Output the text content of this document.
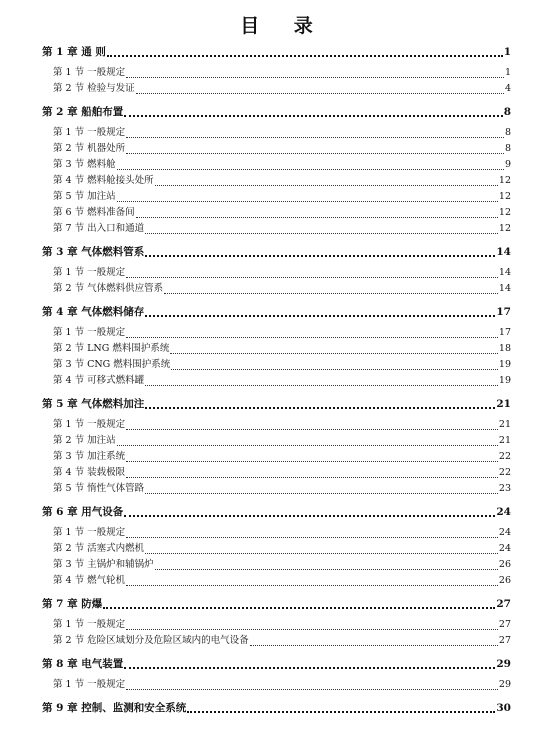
目 录
第 1 章 通 则	1
第 1 节 一般规定	1
第 2 节 检验与发证	4
第 2 章 船舶布置	8
第 1 节 一般规定	8
第 2 节 机器处所	8
第 3 节 燃料舱	9
第 4 节 燃料舱接头处所	12
第 5 节 加注站	12
第 6 节 燃料准备间	12
第 7 节 出入口和通道	12
第 3 章 气体燃料管系	14
第 1 节 一般规定	14
第 2 节 气体燃料供应管系	14
第 4 章 气体燃料储存	17
第 1 节 一般规定	17
第 2 节 LNG 燃料围护系统	18
第 3 节 CNG 燃料围护系统	19
第 4 节 可移式燃料罐	19
第 5 章 气体燃料加注	21
第 1 节 一般规定	21
第 2 节 加注站	21
第 3 节 加注系统	22
第 4 节 装载极限	22
第 5 节 惰性气体管路	23
第 6 章 用气设备	24
第 1 节 一般规定	24
第 2 节 活塞式内燃机	24
第 3 节 主锅炉和辅锅炉	26
第 4 节 燃气轮机	26
第 7 章 防爆	27
第 1 节 一般规定	27
第 2 节 危险区域划分及危险区域内的电气设备	27
第 8 章 电气装置	29
第 1 节 一般规定	29
第 9 章 控制、监测和安全系统	30
